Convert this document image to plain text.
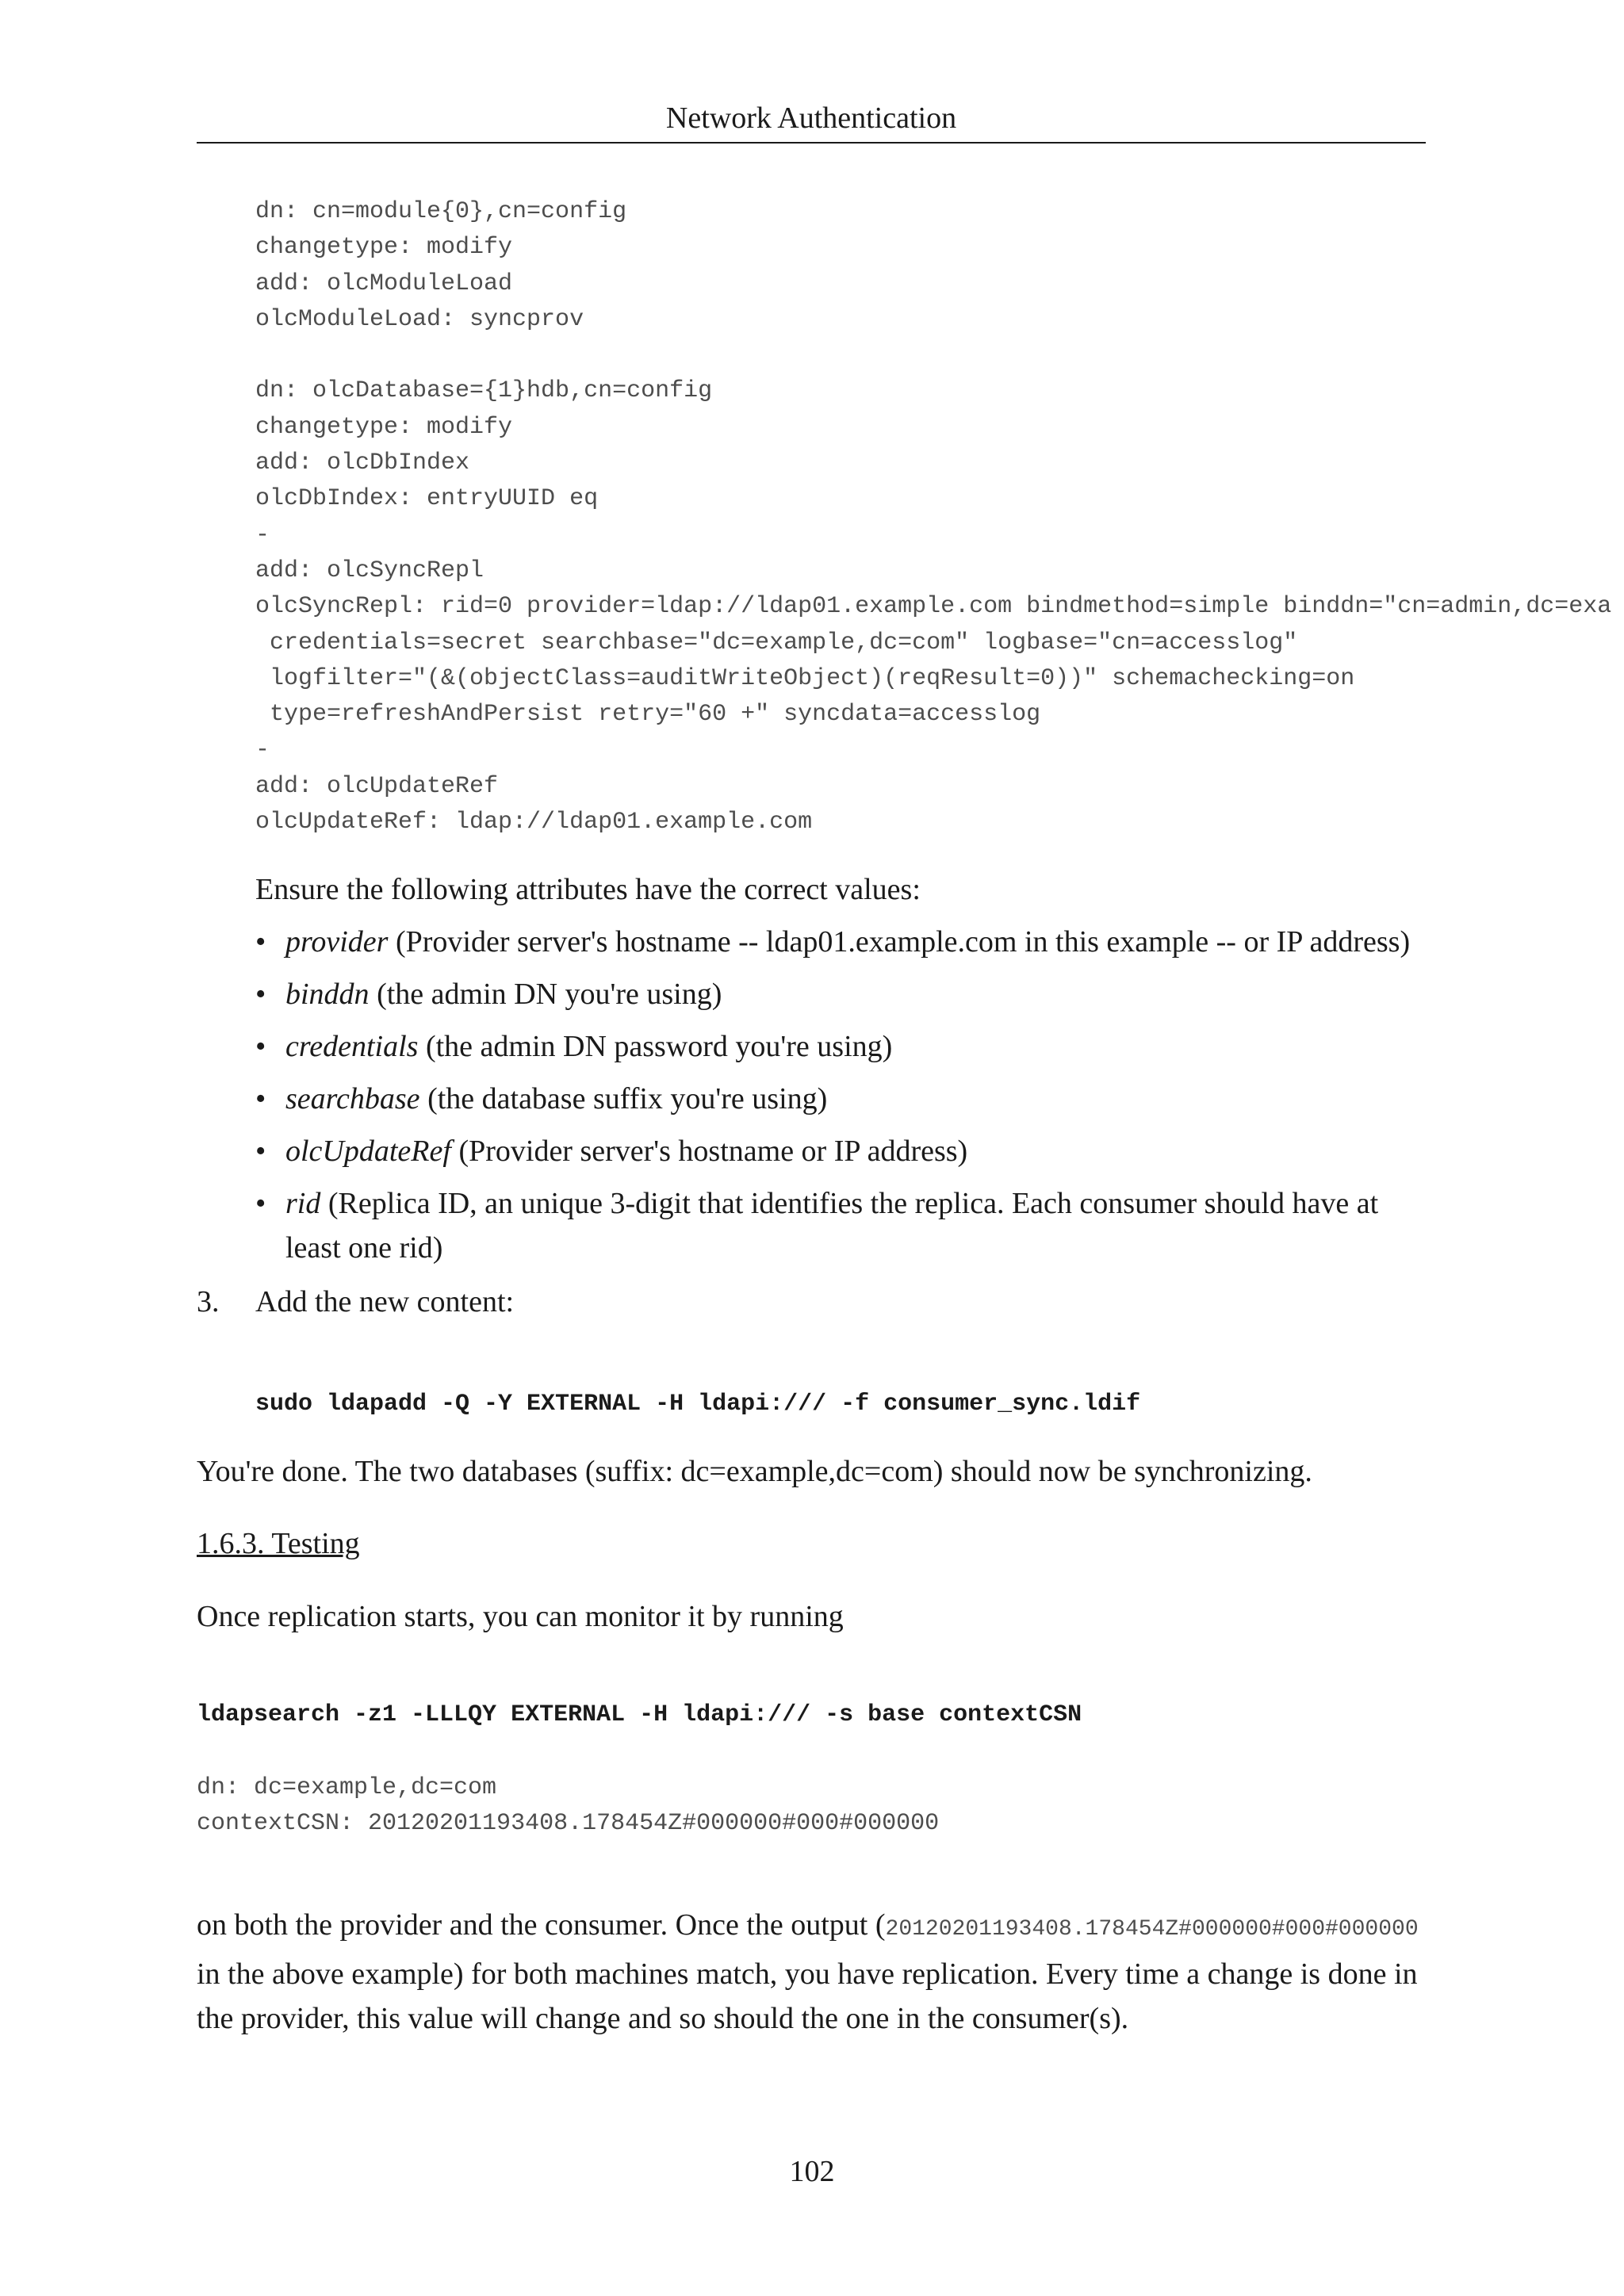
Network Authentication
dn: cn=module{0},cn=config
changetype: modify
add: olcModuleLoad
olcModuleLoad: syncprov

dn: olcDatabase={1}hdb,cn=config
changetype: modify
add: olcDbIndex
olcDbIndex: entryUUID eq
-
add: olcSyncRepl
olcSyncRepl: rid=0 provider=ldap://ldap01.example.com bindmethod=simple binddn="cn=admin,dc=exa
credentials=secret searchbase="dc=example,dc=com" logbase="cn=accesslog"
logfilter="(&(objectClass=auditWriteObject)(reqResult=0))" schemachecking=on
type=refreshAndPersist retry="60 +" syncdata=accesslog
-
add: olcUpdateRef
olcUpdateRef: ldap://ldap01.example.com

Ensure the following attributes have the correct values:

• provider (Provider server's hostname -- ldap01.example.com in this example -- or IP address)
• binddn (the admin DN you're using)
• credentials (the admin DN password you're using)
• searchbase (the database suffix you're using)
• olcUpdateRef (Provider server's hostname or IP address)
• rid (Replica ID, an unique 3-digit that identifies the replica. Each consumer should have at least one rid)
3. Add the new content:

sudo ldapadd -Q -Y EXTERNAL -H ldapi:/// -f consumer_sync.ldif

You're done. The two databases (suffix: dc=example,dc=com) should now be synchronizing.

1.6.3. Testing

Once replication starts, you can monitor it by running

ldapsearch -z1 -LLLQY EXTERNAL -H ldapi:/// -s base contextCSN
dn: dc=example,dc=com
contextCSN: 20120201193408.178454Z#000000#000#000000

on both the provider and the consumer. Once the output (20120201193408.178454Z#000000#000#000000 in the above example) for both machines match, you have replication. Every time a change is done in the provider, this value will change and so should the one in the consumer(s).

102
